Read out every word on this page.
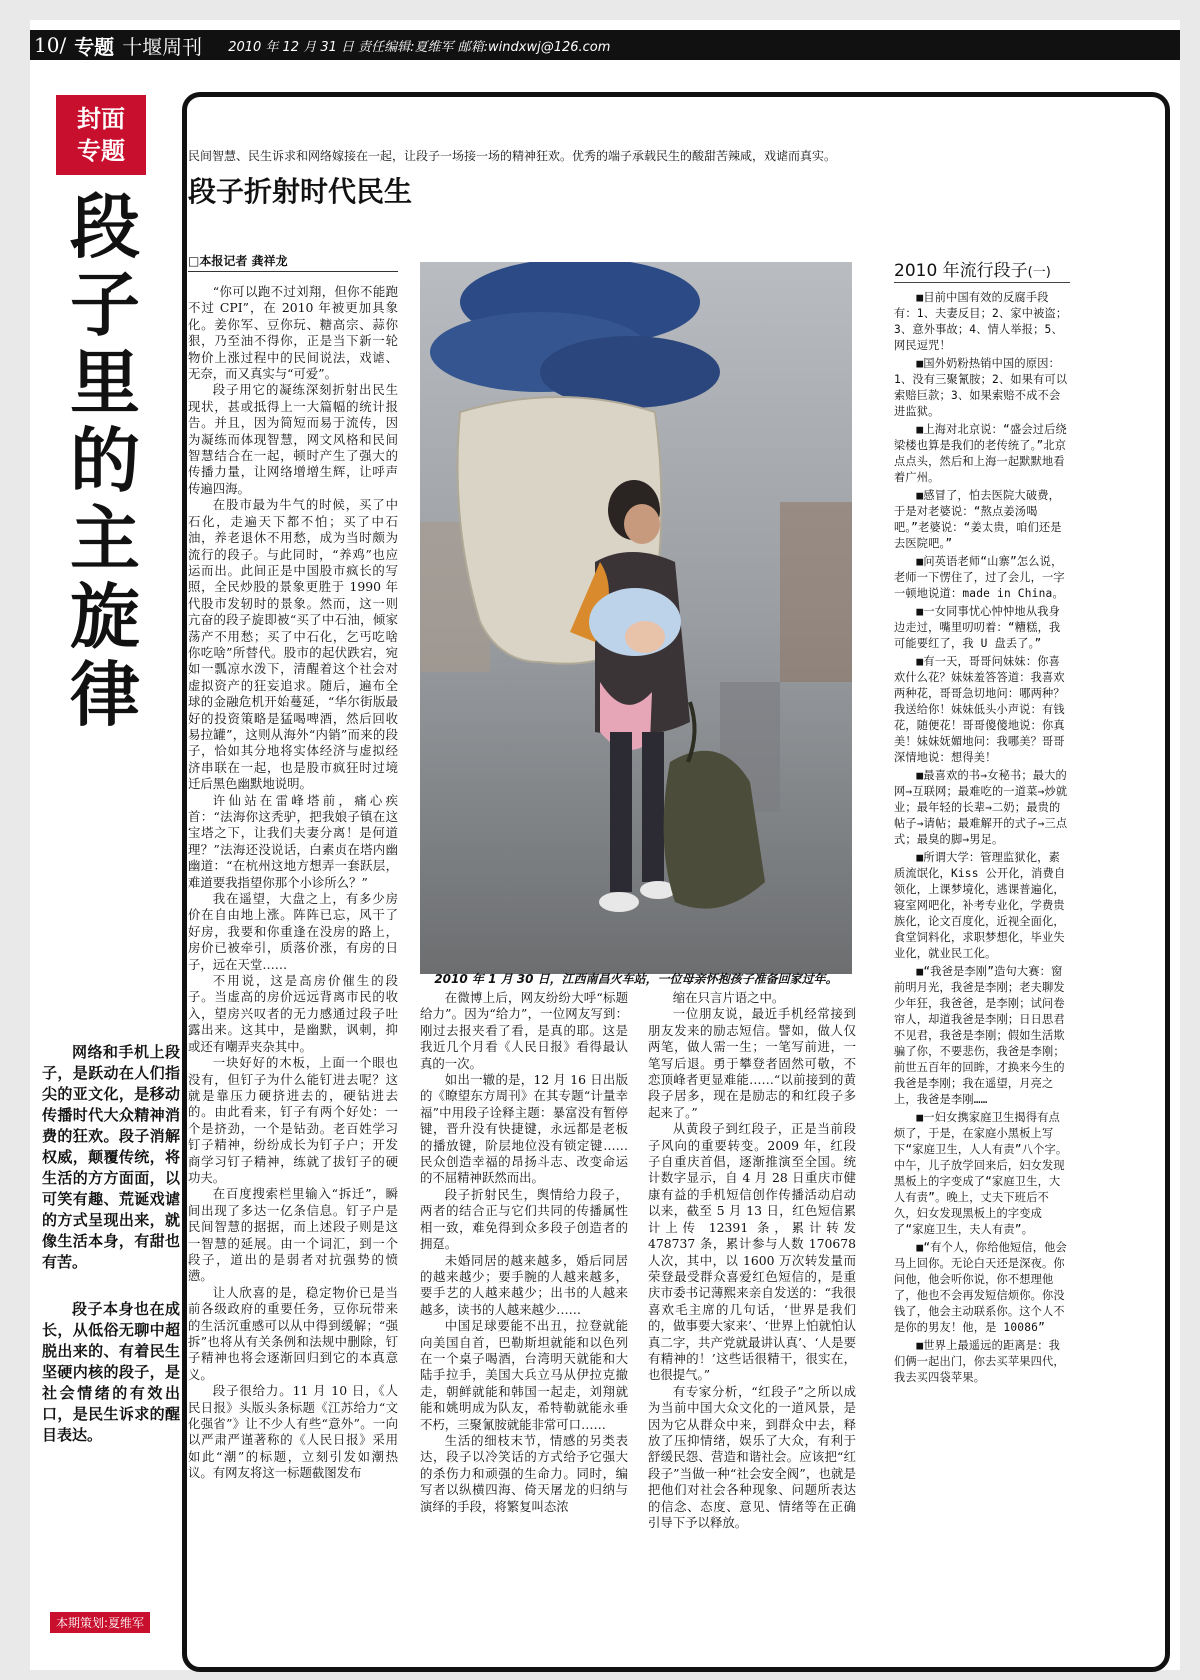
10/ 专题 十堰周刊 2010 年 12 月 31 日 责任编辑:夏维军 邮箱:windxwj@126.com
封面
专题
段子里的主旋律

网络和手机上段子，是跃动在人们指尖的亚文化，是移动传播时代大众精神消费的狂欢。段子消解权威，颠覆传统，将生活的方方面面，以可笑有趣、荒诞戏谑的方式呈现出来，就像生活本身，有甜也有苦。

段子本身也在成长，从低俗无聊中超脱出来的、有着民生坚硬内核的段子，是社会情绪的有效出口，是民生诉求的醒目表达。

本期策划:夏维军
民间智慧、民生诉求和网络嫁接在一起，让段子一场接一场的精神狂欢。优秀的端子承载民生的酸甜苦辣咸，戏谑而真实。
段子折射时代民生
□本报记者 龚祥龙

“你可以跑不过刘翔，但你不能跑不过 CPI”，在 2010 年被更加具象化。姜你军、豆你玩、糖高宗、蒜你狠，乃至油不得你，正是当下新一轮物价上涨过程中的民间说法，戏谑、无奈，而又真实与“可爱”。

段子用它的凝练深刻折射出民生现状，甚或抵得上一大篇幅的统计报告。并且，因为简短而易于流传，因为凝练而体现智慧，网文风格和民间智慧结合在一起，顿时产生了强大的传播力量，让网络增增生辉，让呼声传遍四海。

在股市最为牛气的时候，买了中石化，走遍天下都不怕；买了中石油，养老退休不用愁，成为当时颇为流行的段子。与此同时，“养鸡”也应运而出。此间正是中国股市疯长的写照，全民炒股的景象更胜于 1990 年代股市发轫时的景象。然而，这一则亢奋的段子旋即被“买了中石油，倾家荡产不用愁；买了中石化，乞丐吃啥你吃啥”所替代。股市的起伏跌宕，宛如一瓢凉水泼下，清醒着这个社会对虚拟资产的狂妄追求。随后，遍布全球的金融危机开始蔓延，“华尔街版最好的投资策略是猛喝啤酒，然后回收易拉罐”，这则从海外“内销”而来的段子，恰如其分地将实体经济与虚拟经济串联在一起，也是股市疯狂时过境迁后黑色幽默地说明。

许仙站在雷峰塔前，痛心疾首：“法海你这秃驴，把我娘子镇在这宝塔之下，让我们夫妻分离！是何道理？”法海还没说话，白素贞在塔内幽幽道：“在杭州这地方想弄一套跃层，难道要我指望你那个小诊所么？”

我在遥望，大盘之上，有多少房价在自由地上涨。阵阵已忘，风干了好房，我要和你重逢在没房的路上，房价已被牵引，质落价涨，有房的日子，远在天堂……

不用说，这是高房价催生的段子。当虚高的房价远远背离市民的收入，望房兴叹者的无力感通过段子吐露出来。这其中，是幽默，讽刺，抑或还有嘲弄夹杂其中。

一块好好的木板，上面一个眼也没有，但钉子为什么能钉进去呢？这就是靠压力硬挤进去的，硬钻进去的。由此看来，钉子有两个好处：一个是挤劲，一个是钻劲。老百姓学习钉子精神，纷纷成长为钉子户；开发商学习钉子精神，练就了拔钉子的硬功夫。

在百度搜索栏里输入“拆迁”，瞬间出现了多达一亿条信息。钉子户是民间智慧的据据，而上述段子则是这一智慧的延展。由一个词汇，到一个段子，道出的是弱者对抗强势的愤懑。

让人欣喜的是，稳定物价已是当前各级政府的重要任务，豆你玩带来的生活沉重感可以从中得到缓解；“强拆”也将从有关条例和法规中删除，钉子精神也将会逐渐回归到它的本真意义。

段子很给力。11 月 10 日，《人民日报》头版头条标题《江苏给力“文化强省”》让不少人有些“意外”。一向以严肃严谨著称的《人民日报》采用如此“潮”的标题，立刻引发如潮热议。有网友将这一标题截图发布

2010 年 1 月 30 日，江西南昌火车站，一位母亲怀抱孩子准备回家过年。

在微博上后，网友纷纷大呼“标题给力”。因为“给力”，一位网友写到：刚过去报夹看了看，是真的耶。这是我近几个月看《人民日报》看得最认真的一次。

如出一辙的是，12 月 16 日出版的《瞭望东方周刊》在其专题“计量幸福”中用段子诠释主题：暴富没有暂停键，晋升没有快捷键，永远都是老板的播放键，阶层地位没有锁定键……民众创造幸福的昂扬斗志、改变命运的不屈精神跃然而出。

段子折射民生，舆情给力段子，两者的结合正与它们共同的传播属性相一致，难免得到众多段子创造者的拥趸。

未婚同居的越来越多，婚后同居的越来越少；要手腕的人越来越多，要手艺的人越来越少；出书的人越来越多，读书的人越来越少……

中国足球要能不出丑，拉登就能向美国自首，巴勒斯坦就能和以色列在一个桌子喝酒，台湾明天就能和大陆手拉手，美国大兵立马从伊拉克撤走，朝鲜就能和韩国一起走，刘翔就能和姚明成为队友，希特勒就能永垂不朽，三聚氰胺就能非常可口……

生活的细枝末节，情感的另类表达，段子以冷笑话的方式给予它强大的杀伤力和顽强的生命力。同时，编写者以纵横四海、倚天屠龙的归纳与演绎的手段，将繁复叫态浓

缩在只言片语之中。

一位朋友说，最近手机经常接到朋友发来的励志短信。譬如，做人仅两笔，做人需一生；一笔写前进，一笔写后退。勇于攀登者固然可敬，不恋顶峰者更显难能……“以前接到的黄段子居多，现在是励志的和红段子多起来了。”

从黄段子到红段子，正是当前段子风向的重要转变。2009 年，红段子自重庆首倡，逐渐推演至全国。统计数字显示，自 4 月 28 日重庆市健康有益的手机短信创作传播活动启动以来，截至 5 月 13 日，红色短信累计上传 12391 条，累计转发 478737 条，累计参与人数 170678 人次，其中，以 1600 万次转发量而荣登最受群众喜爱红色短信的，是重庆市委书记薄熙来亲自发送的：“我很喜欢毛主席的几句话，‘世界是我们的，做事要大家来’、‘世界上怕就怕认真二字，共产党就最讲认真’、‘人是要有精神的！’这些话很精干，很实在，也很提气。”

有专家分析，“红段子”之所以成为当前中国大众文化的一道风景，是因为它从群众中来，到群众中去，释放了压抑情绪，娱乐了大众，有利于舒缓民怨、营造和谐社会。应该把“红段子”当做一种“社会安全阀”，也就是把他们对社会各种现象、问题所表达的信念、态度、意见、情绪等在正确引导下予以释放。

2010 年流行段子(一)

■目前中国有效的反腐手段有：1、夫妻反目；2、家中被盗；3、意外事故；4、情人举报；5、网民逗咒！

■国外奶粉热销中国的原因：1、没有三聚氰胺；2、如果有可以索赔巨款；3、如果索赔不成不会进监狱。

■上海对北京说：“盛会过后绕梁楼也算是我们的老传统了。”北京点点头，然后和上海一起默默地看着广州。

■感冒了，怕去医院大破费，于是对老婆说：“熬点姜汤喝吧。”老婆说：“姜太贵，咱们还是去医院吧。”

■问英语老师“山寨”怎么说，老师一下愣住了，过了会儿，一字一顿地说道：made in China。

■一女同事忧心忡忡地从我身边走过，嘴里叨叨着：“糟糕，我可能要红了，我 U 盘丢了。”

■有一天，哥哥问妹妹：你喜欢什么花？妹妹羞答答道：我喜欢两种花，哥哥急切地问：哪两种？我送给你！妹妹低头小声说：有钱花，随便花！哥哥傻傻地说：你真美！妹妹妩媚地问：我哪美？哥哥深情地说：想得美！

■最喜欢的书→女秘书；最大的网→互联网；最难吃的一道菜→炒就业；最年轻的长辈→二奶；最贵的帖子→请帖；最难解开的式子→三点式；最臭的脚→男足。

■所谓大学：管理监狱化，素质流氓化，Kiss 公开化，消费自领化，上课梦境化，逃课普遍化，寝室网吧化，补考专业化，学费贵族化，论文百度化，近视全面化，食堂饲料化，求职梦想化，毕业失业化，就业民工化。

■“我爸是李刚”造句大赛：窗前明月光，我爸是李刚；老夫聊发少年狂，我爸爸，是李刚；试问卷帘人，却道我爸是李刚；日日思君不见君，我爸是李刚；假如生活欺骗了你，不要悲伤，我爸是李刚；前世五百年的回眸，才换来今生的我爸是李刚；我在遥望，月亮之上，我爸是李刚……

■一妇女携家庭卫生揭得有点烦了，于是，在家庭小黑板上写下“家庭卫生，人人有责”八个字。中午，儿子放学回来后，妇女发现黑板上的字变成了“家庭卫生，大人有责”。晚上，丈夫下班后不久，妇女发现黑板上的字变成了“家庭卫生，夫人有责”。

■“有个人，你给他短信，他会马上回你。无论白天还是深夜。你问他，他会听你说，你不想理他了，他也不会再发短信烦你。你没钱了，他会主动联系你。这个人不是你的男友！他，是 10086”

■世界上最遥远的距离是：我们俩一起出门，你去买苹果四代，我去买四袋苹果。
